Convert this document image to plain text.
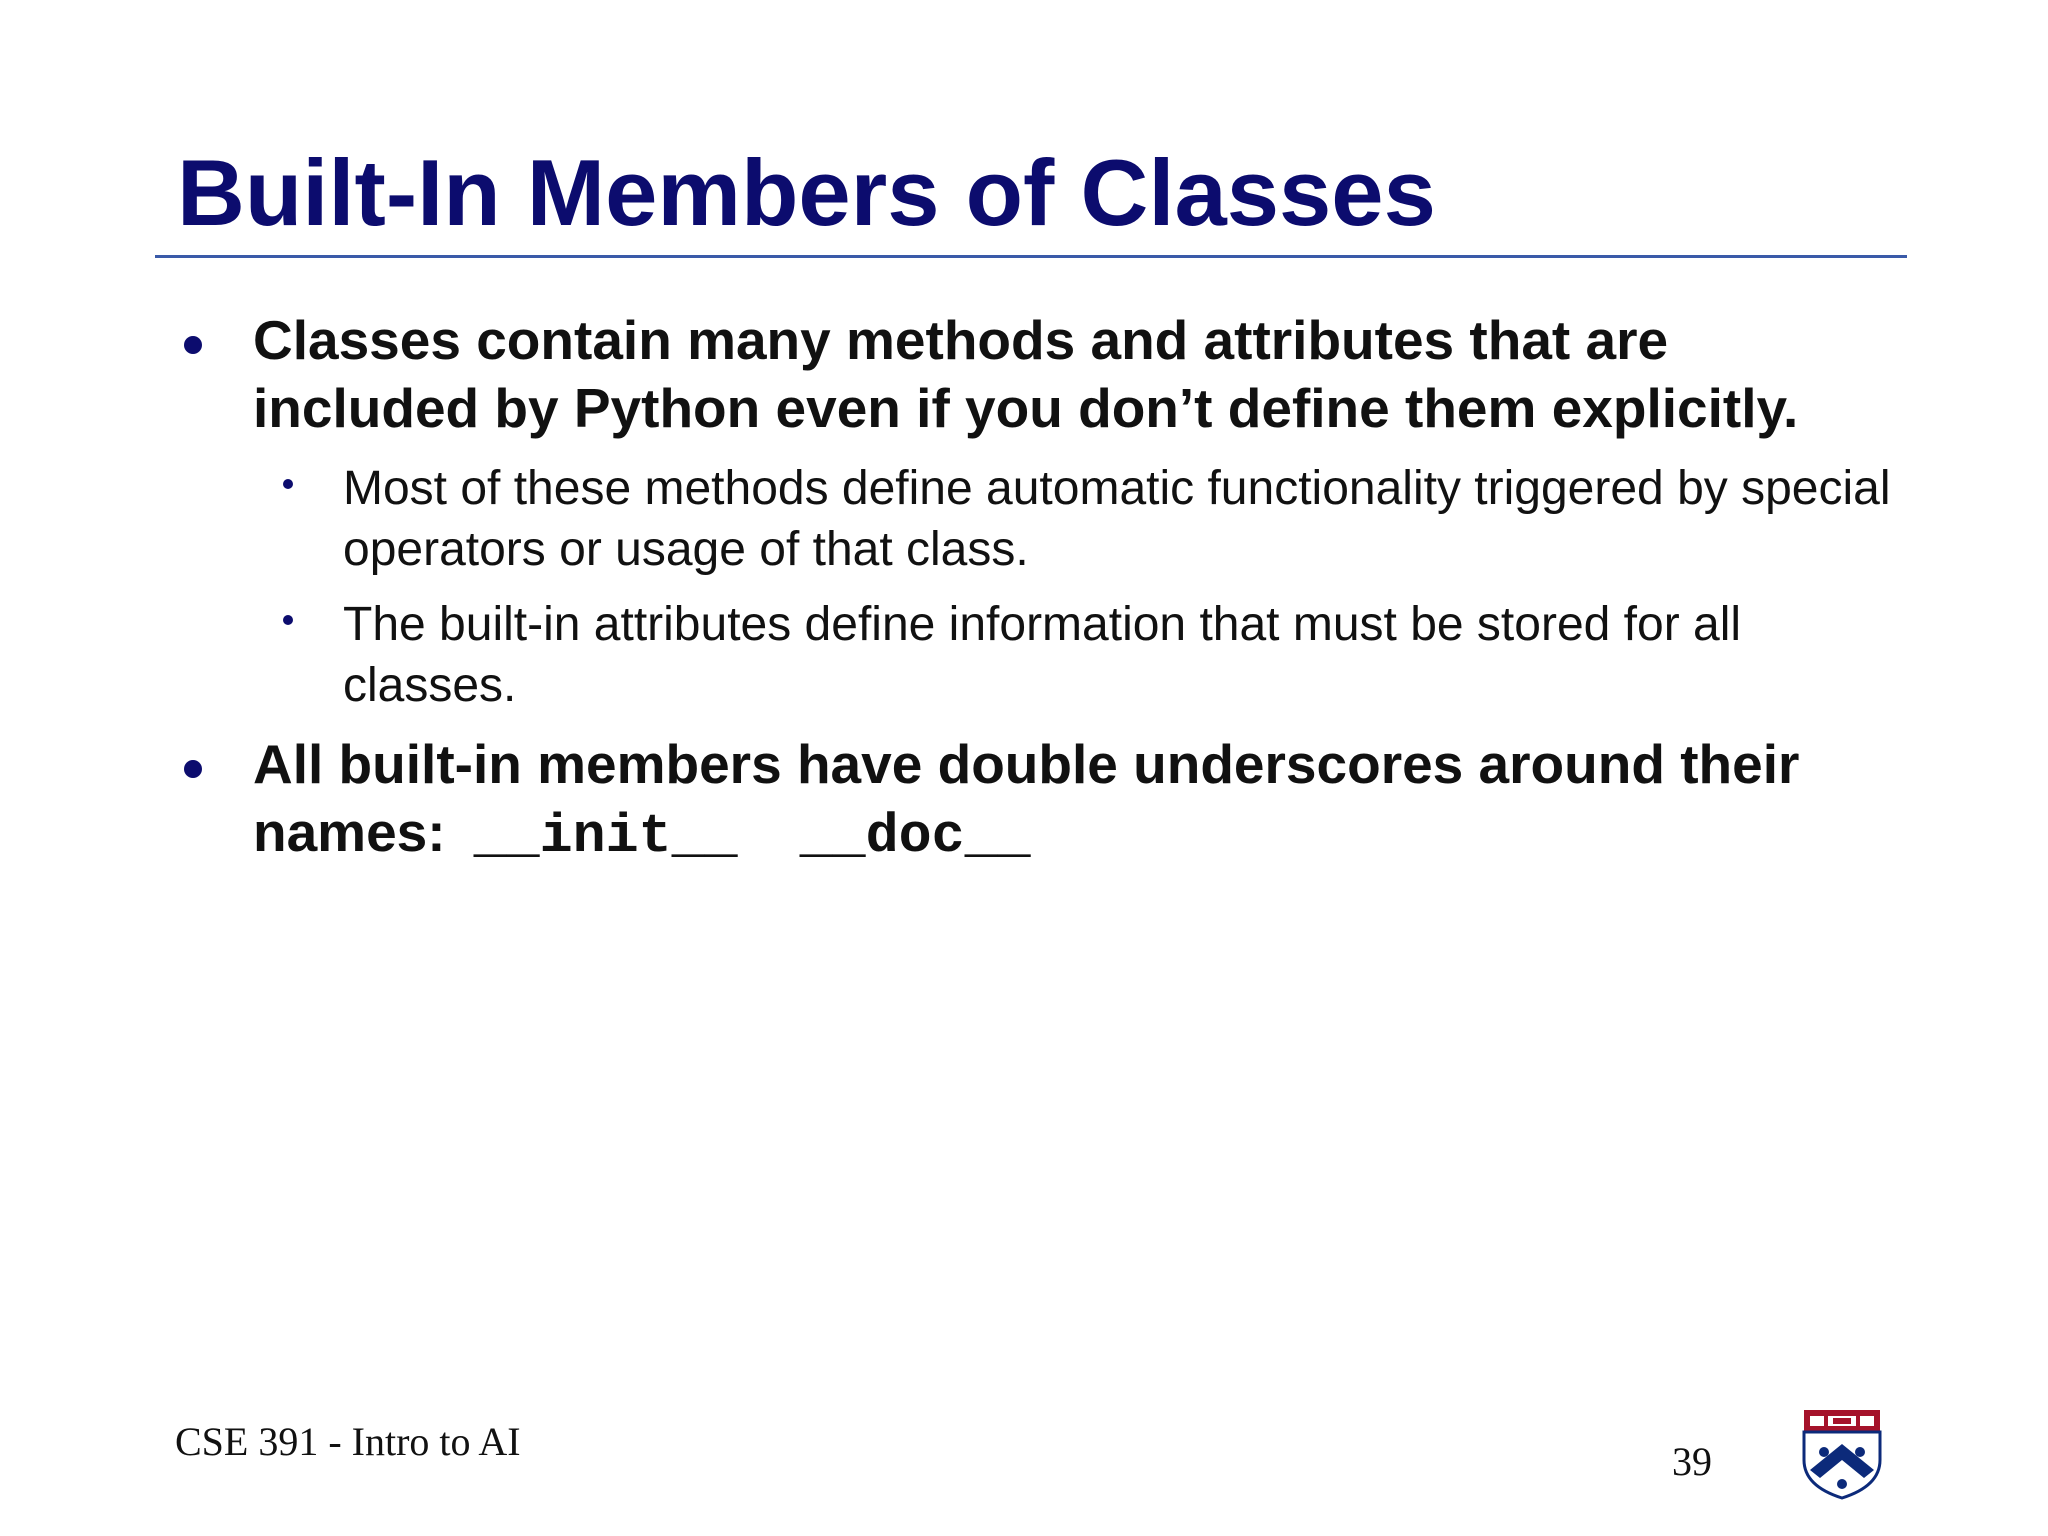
Built-In Members of Classes
Classes contain many methods and attributes that are included by Python even if you don’t define them explicitly.
Most of these methods define automatic functionality triggered by special operators or usage of that class.
The built-in attributes define information that must be stored for all classes.
All built-in members have double underscores around their names: __init__ __doc__
CSE 391 - Intro to AI	39
